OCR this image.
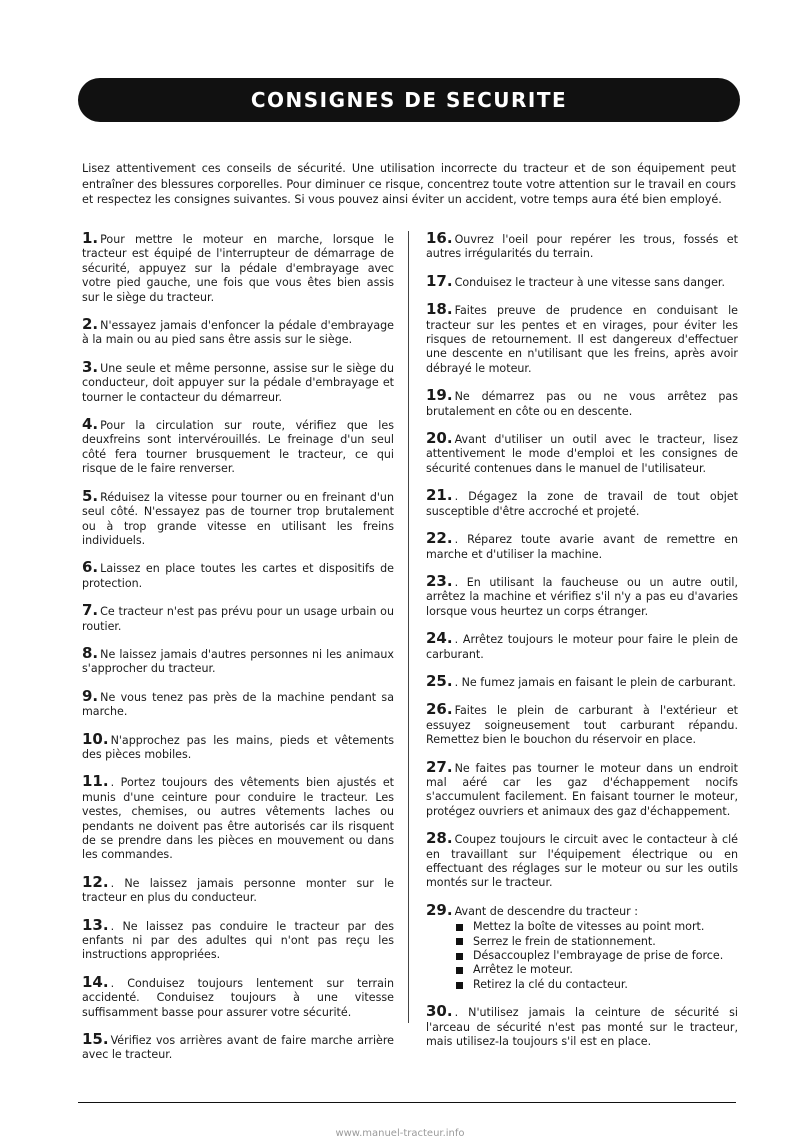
CONSIGNES DE SECURITE

Lisez attentivement ces conseils de sécurité. Une utilisation incorrecte du tracteur et de son équipement peut entraîner des blessures corporelles. Pour diminuer ce risque, concentrez toute votre attention sur le travail en cours et respectez les consignes suivantes. Si vous pouvez ainsi éviter un accident, votre temps aura été bien employé.

1. Pour mettre le moteur en marche, lorsque le tracteur est équipé de l'interrupteur de démarrage de sécurité, appuyez sur la pédale d'embrayage avec votre pied gauche, une fois que vous êtes bien assis sur le siège du tracteur.

2. N'essayez jamais d'enfoncer la pédale d'embrayage à la main ou au pied sans être assis sur le siège.

3. Une seule et même personne, assise sur le siège du conducteur, doit appuyer sur la pédale d'embrayage et tourner le contacteur du démarreur.

4. Pour la circulation sur route, vérifiez que les deuxfreins sont intervérouillés. Le freinage d'un seul côté fera tourner brusquement le tracteur, ce qui risque de le faire renverser.

5. Réduisez la vitesse pour tourner ou en freinant d'un seul côté. N'essayez pas de tourner trop brutalement ou à trop grande vitesse en utilisant les freins individuels.

6. Laissez en place toutes les cartes et dispositifs de protection.

7. Ce tracteur n'est pas prévu pour un usage urbain ou routier.

8. Ne laissez jamais d'autres personnes ni les animaux s'approcher du tracteur.

9. Ne vous tenez pas près de la machine pendant sa marche.

10. N'approchez pas les mains, pieds et vêtements des pièces mobiles.

11. . Portez toujours des vêtements bien ajustés et munis d'une ceinture pour conduire le tracteur. Les vestes, chemises, ou autres vêtements laches ou pendants ne doivent pas être autorisés car ils risquent de se prendre dans les pièces en mouvement ou dans les commandes.

12. . Ne laissez jamais personne monter sur le tracteur en plus du conducteur.

13. . Ne laissez pas conduire le tracteur par des enfants ni par des adultes qui n'ont pas reçu les instructions appropriées.

14. . Conduisez toujours lentement sur terrain accidenté. Conduisez toujours à une vitesse suffisamment basse pour assurer votre sécurité.

15. Vérifiez vos arrières avant de faire marche arrière avec le tracteur.

16. Ouvrez l'oeil pour repérer les trous, fossés et autres irrégularités du terrain.

17. Conduisez le tracteur à une vitesse sans danger.

18. Faites preuve de prudence en conduisant le tracteur sur les pentes et en virages, pour éviter les risques de retournement. Il est dangereux d'effectuer une descente en n'utilisant que les freins, après avoir débrayé le moteur.

19. Ne démarrez pas ou ne vous arrêtez pas brutalement en côte ou en descente.

20. Avant d'utiliser un outil avec le tracteur, lisez attentivement le mode d'emploi et les consignes de sécurité contenues dans le manuel de l'utilisateur.

21. . Dégagez la zone de travail de tout objet susceptible d'être accroché et projeté.

22. . Réparez toute avarie avant de remettre en marche et d'utiliser la machine.

23. . En utilisant la faucheuse ou un autre outil, arrêtez la machine et vérifiez s'il n'y a pas eu d'avaries lorsque vous heurtez un corps étranger.

24. . Arrêtez toujours le moteur pour faire le plein de carburant.

25. . Ne fumez jamais en faisant le plein de carburant.

26. Faites le plein de carburant à l'extérieur et essuyez soigneusement tout carburant répandu. Remettez bien le bouchon du réservoir en place.

27. Ne faites pas tourner le moteur dans un endroit mal aéré car les gaz d'échappement nocifs s'accumulent facilement. En faisant tourner le moteur, protégez ouvriers et animaux des gaz d'échappement.

28. Coupez toujours le circuit avec le contacteur à clé en travaillant sur l'équipement électrique ou en effectuant des réglages sur le moteur ou sur les outils montés sur le tracteur.

29. Avant de descendre du tracteur :
Mettez la boîte de vitesses au point mort.
Serrez le frein de stationnement.
Désaccouplez l'embrayage de prise de force.
Arrêtez le moteur.
Retirez la clé du contacteur.

30. . N'utilisez jamais la ceinture de sécurité si l'arceau de sécurité n'est pas monté sur le tracteur, mais utilisez-la toujours s'il est en place.

www.manuel-tracteur.info
